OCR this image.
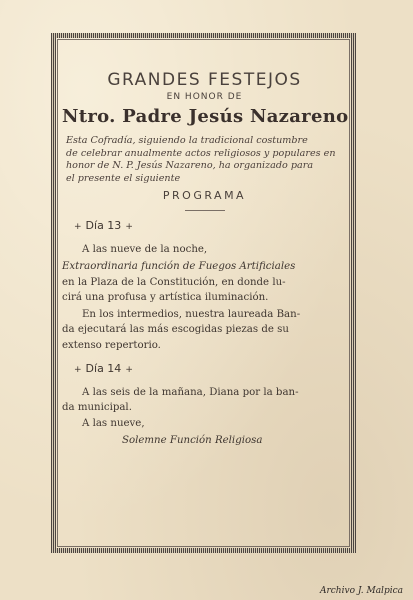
GRANDES FESTEJOS

EN HONOR DE

Ntro. Padre Jesús Nazareno

Esta Cofradía, siguiendo la tradicional costumbre
de celebrar anualmente actos religiosos y populares en
honor de N. P. Jesús Nazareno, ha organizado para
el presente el siguiente

PROGRAMA

+ Día 13 +
A las nueve de la noche,
Extraordinaria función de Fuegos Artificiales
en la Plaza de la Constitución, en donde lu-
cirá una profusa y artística iluminación.
En los intermedios, nuestra laureada Ban-
da ejecutará las más escogidas piezas de su
extenso repertorio.
+ Día 14 +
A las seis de la mañana, Diana por la ban-
da municipal.
A las nueve,

Solemne Función Religiosa

Archivo J. Malpica
